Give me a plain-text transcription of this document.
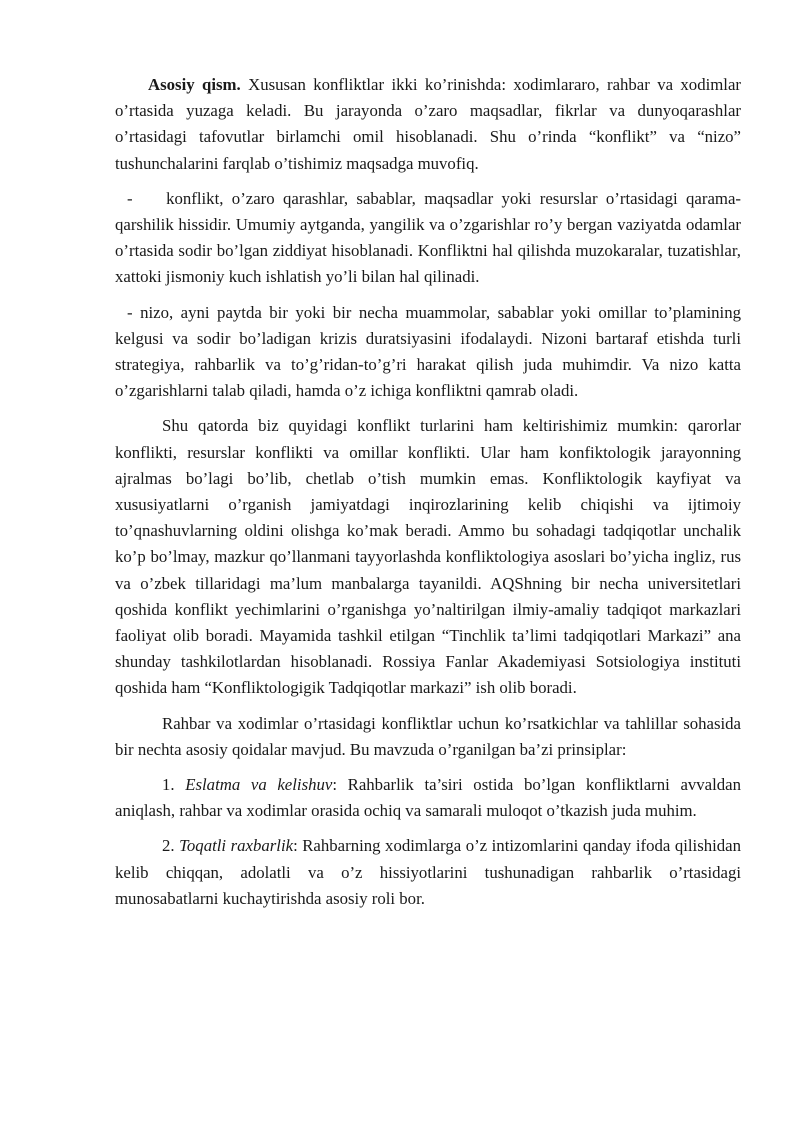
Asosiy qism. Xususan konfliktlar ikki ko’rinishda: xodimlararo, rahbar va xodimlar o’rtasida yuzaga keladi. Bu jarayonda o’zaro maqsadlar, fikrlar va dunyoqarashlar o’rtasidagi tafovutlar birlamchi omil hisoblanadi. Shu o’rinda “konflikt” va “nizo” tushunchalarini farqlab o’tishimiz maqsadga muvofiq.

- konflikt, o’zaro qarashlar, sabablar, maqsadlar yoki resurslar o’rtasidagi qarama-qarshilik hissidir. Umumiy aytganda, yangilik va o’zgarishlar ro’y bergan vaziyatda odamlar o’rtasida sodir bo’lgan ziddiyat hisoblanadi. Konfliktni hal qilishda muzokaralar, tuzatishlar, xattoki jismoniy kuch ishlatish yo’li bilan hal qilinadi.

- nizo, ayni paytda bir yoki bir necha muammolar, sabablar yoki omillar to’plamining kelgusi va sodir bo’ladigan krizis duratsiyasini ifodalaydi. Nizoni bartaraf etishda turli strategiya, rahbarlik va to’g’ridan-to’g’ri harakat qilish juda muhimdir. Va nizo katta o’zgarishlarni talab qiladi, hamda o’z ichiga konfliktni qamrab oladi.

Shu qatorda biz quyidagi konflikt turlarini ham keltirishimiz mumkin: qarorlar konflikti, resurslar konflikti va omillar konflikti. Ular ham konfiktologik jarayonning ajralmas bo’lagi bo’lib, chetlab o’tish mumkin emas. Konfliktologik kayfiyat va xususiyatlarni o’rganish jamiyatdagi inqirozlarining kelib chiqishi va ijtimoiy to’qnashuvlarning oldini olishga ko’mak beradi. Ammo bu sohadagi tadqiqotlar unchalik ko’p bo’lmay, mazkur qo’llanmani tayyorlashda konfliktologiya asoslari bo’yicha ingliz, rus va o’zbek tillaridagi ma’lum manbalarga tayanildi. AQShning bir necha universitetlari qoshida konflikt yechimlarini o’rganishga yo’naltirilgan ilmiy-amaliy tadqiqot markazlari faoliyat olib boradi. Mayamida tashkil etilgan “Tinchlik ta’limi tadqiqotlari Markazi” ana shunday tashkilotlardan hisoblanadi. Rossiya Fanlar Akademiyasi Sotsiologiya instituti qoshida ham “Konfliktologigik Tadqiqotlar markazi” ish olib boradi.

Rahbar va xodimlar o’rtasidagi konfliktlar uchun ko’rsatkichlar va tahlillar sohasida bir nechta asosiy qoidalar mavjud. Bu mavzuda o’rganilgan ba’zi prinsiplar:

1. Eslatma va kelishuv: Rahbarlik ta’siri ostida bo’lgan konfliktlarni avvaldan aniqlash, rahbar va xodimlar orasida ochiq va samarali muloqot o’tkazish juda muhim.

2. Toqatli raxbarlik: Rahbarning xodimlarga o’z intizomlarini qanday ifoda qilishidan kelib chiqqan, adolatli va o’z hissiyotlarini tushunadigan rahbarlik o’rtasidagi munosabatlarni kuchaytirishda asosiy roli bor.
